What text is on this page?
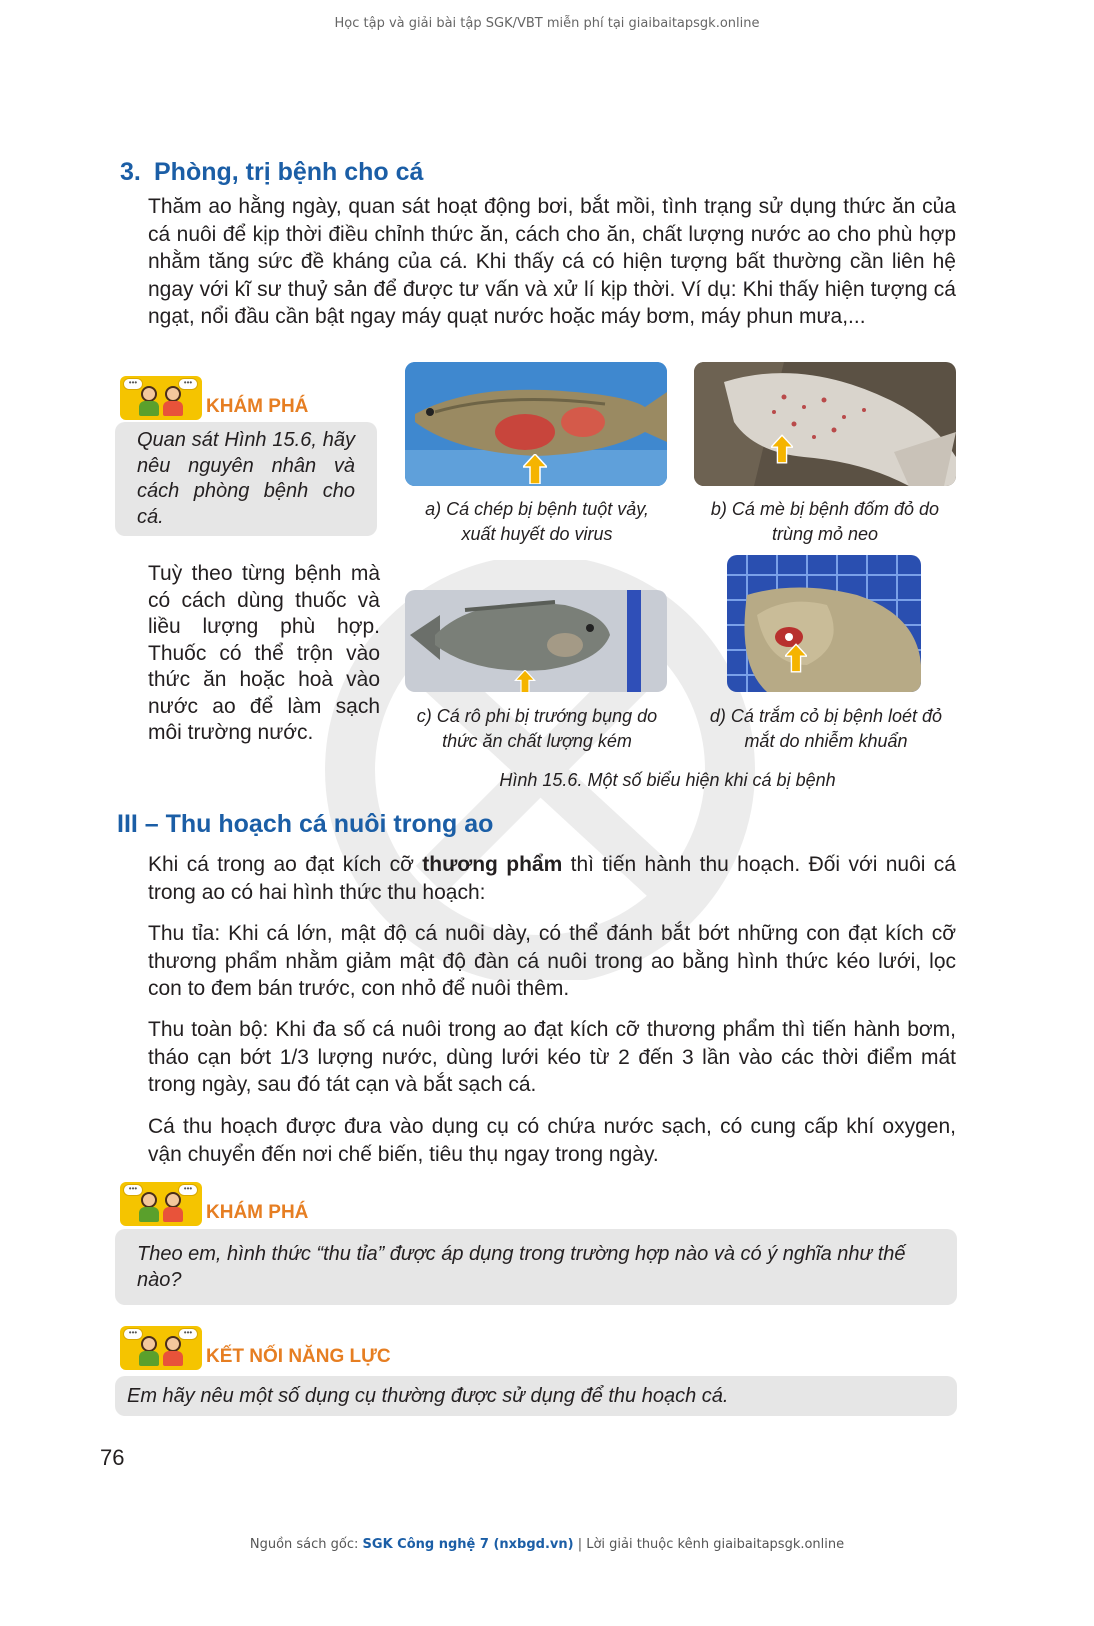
Học tập và giải bài tập SGK/VBT miễn phí tại giaibaitapsgk.online
3. Phòng, trị bệnh cho cá
Thăm ao hằng ngày, quan sát hoạt động bơi, bắt mồi, tình trạng sử dụng thức ăn của cá nuôi để kịp thời điều chỉnh thức ăn, cách cho ăn, chất lượng nước ao cho phù hợp nhằm tăng sức đề kháng của cá. Khi thấy cá có hiện tượng bất thường cần liên hệ ngay với kĩ sư thuỷ sản để được tư vấn và xử lí kịp thời. Ví dụ: Khi thấy hiện tượng cá ngạt, nổi đầu cần bật ngay máy quạt nước hoặc máy bơm, máy phun mưa,...
•••	•••
KHÁM PHÁ
Quan sát Hình 15.6, hãy nêu nguyên nhân và cách phòng bệnh cho cá.
Tuỳ theo từng bệnh mà có cách dùng thuốc và liều lượng phù hợp. Thuốc có thể trộn vào thức ăn hoặc hoà vào nước ao để làm sạch môi trường nước.
a) Cá chép bị bệnh tuột vảy, xuất huyết do virus
b) Cá mè bị bệnh đốm đỏ do trùng mỏ neo
c) Cá rô phi bị trướng bụng do thức ăn chất lượng kém
d) Cá trắm cỏ bị bệnh loét đỏ mắt do nhiễm khuẩn
Hình 15.6. Một số biểu hiện khi cá bị bệnh
III – Thu hoạch cá nuôi trong ao
Khi cá trong ao đạt kích cỡ thương phẩm thì tiến hành thu hoạch. Đối với nuôi cá trong ao có hai hình thức thu hoạch:
Thu tỉa: Khi cá lớn, mật độ cá nuôi dày, có thể đánh bắt bớt những con đạt kích cỡ thương phẩm nhằm giảm mật độ đàn cá nuôi trong ao bằng hình thức kéo lưới, lọc con to đem bán trước, con nhỏ để nuôi thêm.
Thu toàn bộ: Khi đa số cá nuôi trong ao đạt kích cỡ thương phẩm thì tiến hành bơm, tháo cạn bớt 1/3 lượng nước, dùng lưới kéo từ 2 đến 3 lần vào các thời điểm mát trong ngày, sau đó tát cạn và bắt sạch cá.
Cá thu hoạch được đưa vào dụng cụ có chứa nước sạch, có cung cấp khí oxygen, vận chuyển đến nơi chế biến, tiêu thụ ngay trong ngày.
•••	•••
KHÁM PHÁ
Theo em, hình thức “thu tỉa” được áp dụng trong trường hợp nào và có ý nghĩa như thế nào?
•••	•••
KẾT NỐI NĂNG LỰC
Em hãy nêu một số dụng cụ thường được sử dụng để thu hoạch cá.
76
Nguồn sách gốc: SGK Công nghệ 7 (nxbgd.vn) | Lời giải thuộc kênh giaibaitapsgk.online
